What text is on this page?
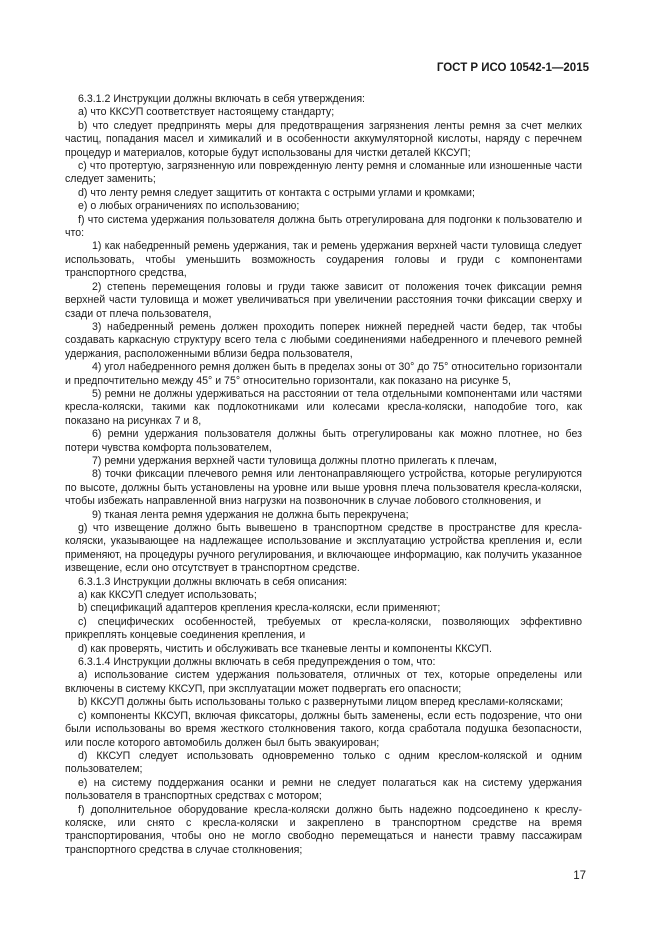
ГОСТ Р ИСО 10542-1—2015

6.3.1.2 Инструкции должны включать в себя утверждения:

a) что ККСУП соответствует настоящему стандарту;

b) что следует предпринять меры для предотвращения загрязнения ленты ремня за счет мелких частиц, попадания масел и химикалий и в особенности аккумуляторной кислоты, наряду с перечнем процедур и материалов, которые будут использованы для чистки деталей ККСУП;

c) что протертую, загрязненную или поврежденную ленту ремня и сломанные или изношенные части следует заменить;

d) что ленту ремня следует защитить от контакта с острыми углами и кромками;

e) о любых ограничениях по использованию;

f) что система удержания пользователя должна быть отрегулирована для подгонки к пользователю и что:

1) как набедренный ремень удержания, так и ремень удержания верхней части туловища следует использовать, чтобы уменьшить возможность соударения головы и груди с компонентами транспортного средства,

2) степень перемещения головы и груди также зависит от положения точек фиксации ремня верхней части туловища и может увеличиваться при увеличении расстояния точки фиксации сверху и сзади от плеча пользователя,

3) набедренный ремень должен проходить поперек нижней передней части бедер, так чтобы создавать каркасную структуру всего тела с любыми соединениями набедренного и плечевого ремней удержания, расположенными вблизи бедра пользователя,

4) угол набедренного ремня должен быть в пределах зоны от 30° до 75° относительно горизонтали и предпочтительно между 45° и 75° относительно горизонтали, как показано на рисунке 5,

5) ремни не должны удерживаться на расстоянии от тела отдельными компонентами или частями кресла-коляски, такими как подлокотниками или колесами кресла-коляски, наподобие того, как показано на рисунках 7 и 8,

6) ремни удержания пользователя должны быть отрегулированы как можно плотнее, но без потери чувства комфорта пользователем,

7) ремни удержания верхней части туловища должны плотно прилегать к плечам,

8) точки фиксации плечевого ремня или лентонаправляющего устройства, которые регулируются по высоте, должны быть установлены на уровне или выше уровня плеча пользователя кресла-коляски, чтобы избежать направленной вниз нагрузки на позвоночник в случае лобового столкновения, и

9) тканая лента ремня удержания не должна быть перекручена;

g) что извещение должно быть вывешено в транспортном средстве в пространстве для кресла-коляски, указывающее на надлежащее использование и эксплуатацию устройства крепления и, если применяют, на процедуры ручного регулирования, и включающее информацию, как получить указанное извещение, если оно отсутствует в транспортном средстве.

6.3.1.3 Инструкции должны включать в себя описания:

a) как ККСУП следует использовать;

b) спецификаций адаптеров крепления кресла-коляски, если применяют;

c) специфических особенностей, требуемых от кресла-коляски, позволяющих эффективно прикреплять концевые соединения крепления, и

d) как проверять, чистить и обслуживать все тканевые ленты и компоненты ККСУП.

6.3.1.4 Инструкции должны включать в себя предупреждения о том, что:

a) использование систем удержания пользователя, отличных от тех, которые определены или включены в систему ККСУП, при эксплуатации может подвергать его опасности;

b) ККСУП должны быть использованы только с развернутыми лицом вперед креслами-колясками;

c) компоненты ККСУП, включая фиксаторы, должны быть заменены, если есть подозрение, что они были использованы во время жесткого столкновения такого, когда сработала подушка безопасности, или после которого автомобиль должен был быть эвакуирован;

d) ККСУП следует использовать одновременно только с одним креслом-коляской и одним пользователем;

e) на систему поддержания осанки и ремни не следует полагаться как на систему удержания пользователя в транспортных средствах с мотором;

f) дополнительное оборудование кресла-коляски должно быть надежно подсоединено к креслу-коляске, или снято с кресла-коляски и закреплено в транспортном средстве на время транспортирования, чтобы оно не могло свободно перемещаться и нанести травму пассажирам транспортного средства в случае столкновения;

17
